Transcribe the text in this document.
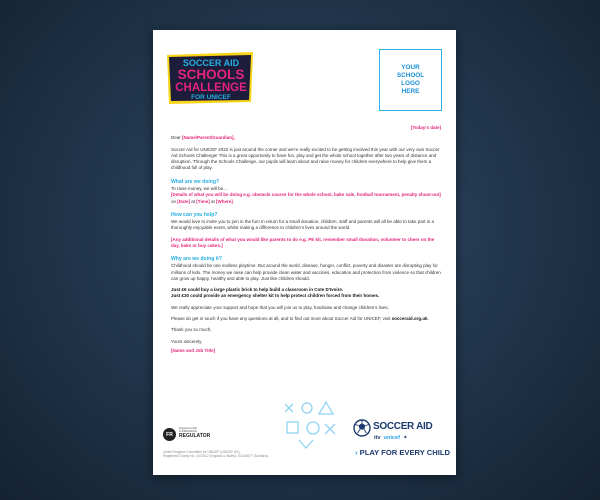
SOCCER AID
SCHOOLS
CHALLENGE
FOR UNICEF
YOUR
SCHOOL
LOGO
HERE

[Today's date]

Dear [Name/Parent/Guardian],

Soccer Aid for UNICEF 2022 is just around the corner and we're really excited to be getting involved this year with our very own Soccer Aid Schools Challenge! This is a great opportunity to have fun, play and get the whole school together after two years of distance and disruption. Through the Schools Challenge, our pupils will learn about and raise money for children everywhere to help give them a childhood full of play.

What are we doing?

To raise money, we will be…

[Details of what you will be doing e.g. obstacle course for the whole school, bake sale, football tournament, penalty shoot-out] on [Date] at [Time] at [Where].

How can you help?

We would love to invite you to join in the fun! In return for a small donation, children, staff and parents will all be able to take part in a thoroughly enjoyable event, whilst making a difference to children's lives around the world.

[Any additional details of what you would like parents to do e.g. PE kit, remember small donation, volunteer to cheer on the day, bake or buy cakes.]

Why are we doing it?

Childhood should be one endless playtime. But around the world, disease, hunger, conflict, poverty and disaster are disrupting play for millions of kids. The money we raise can help provide clean water and vaccines, education and protection from violence so that children can grow up happy, healthy and able to play. Just like children should.

Just £6 could buy a large plastic brick to help build a classroom in Cote D'Ivoire.

Just £30 could provide an emergency shelter kit to help protect children forced from their homes.

We really appreciate your support and hope that you will join us to play, fundraise and change children's lives.

Please do get in touch if you have any questions at all, and to find out more about Soccer Aid for UNICEF, visit socceraid.org.uk.

Thank you so much,

Yours sincerely,

[Name and Job Title]

FR
Registered with
FUNDRAISING
REGULATOR
United Kingdom Committee for UNICEF (UNICEF UK),
Registered Charity No. 1072612 (England & Wales), SC043677 (Scotland).
SOCCER AID
itv unicef ✦
› PLAY FOR EVERY CHILD
